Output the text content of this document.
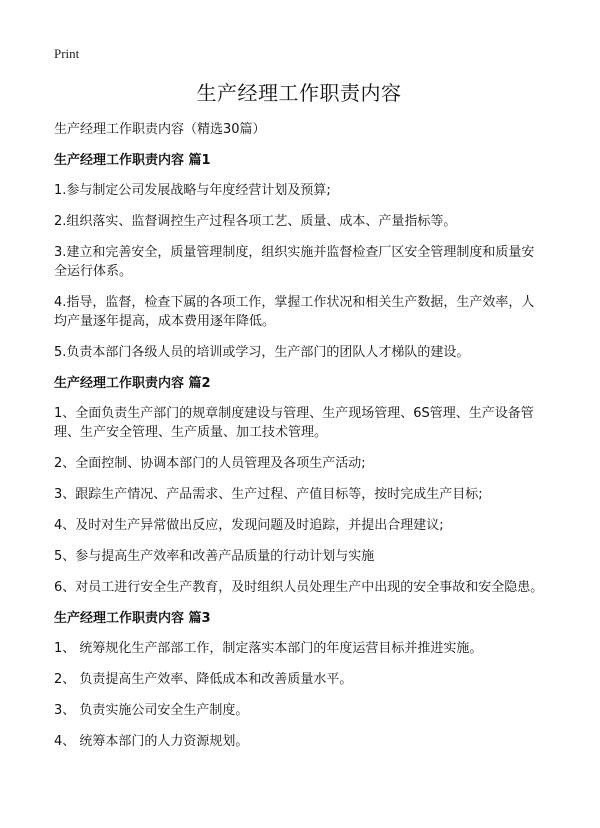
Print
生产经理工作职责内容

生产经理工作职责内容（精选30篇）

生产经理工作职责内容 篇1

1.参与制定公司发展战略与年度经营计划及预算;

2.组织落实、监督调控生产过程各项工艺、质量、成本、产量指标等。

3.建立和完善安全，质量管理制度，组织实施并监督检查厂区安全管理制度和质量安全运行体系。

4.指导，监督，检查下属的各项工作，掌握工作状况和相关生产数据，生产效率，人均产量逐年提高，成本费用逐年降低。

5.负责本部门各级人员的培训或学习，生产部门的团队人才梯队的建设。

生产经理工作职责内容 篇2

1、全面负责生产部门的规章制度建设与管理、生产现场管理、6S管理、生产设备管理、生产安全管理、生产质量、加工技术管理。

2、全面控制、协调本部门的人员管理及各项生产活动;

3、跟踪生产情况、产品需求、生产过程、产值目标等，按时完成生产目标;

4、及时对生产异常做出反应，发现问题及时追踪，并提出合理建议;

5、参与提高生产效率和改善产品质量的行动计划与实施

6、对员工进行安全生产教育，及时组织人员处理生产中出现的安全事故和安全隐患。

生产经理工作职责内容 篇3

1、 统筹规化生产部部工作，制定落实本部门的年度运营目标并推进实施。

2、 负责提高生产效率、降低成本和改善质量水平。

3、 负责实施公司安全生产制度。

4、 统筹本部门的人力资源规划。
